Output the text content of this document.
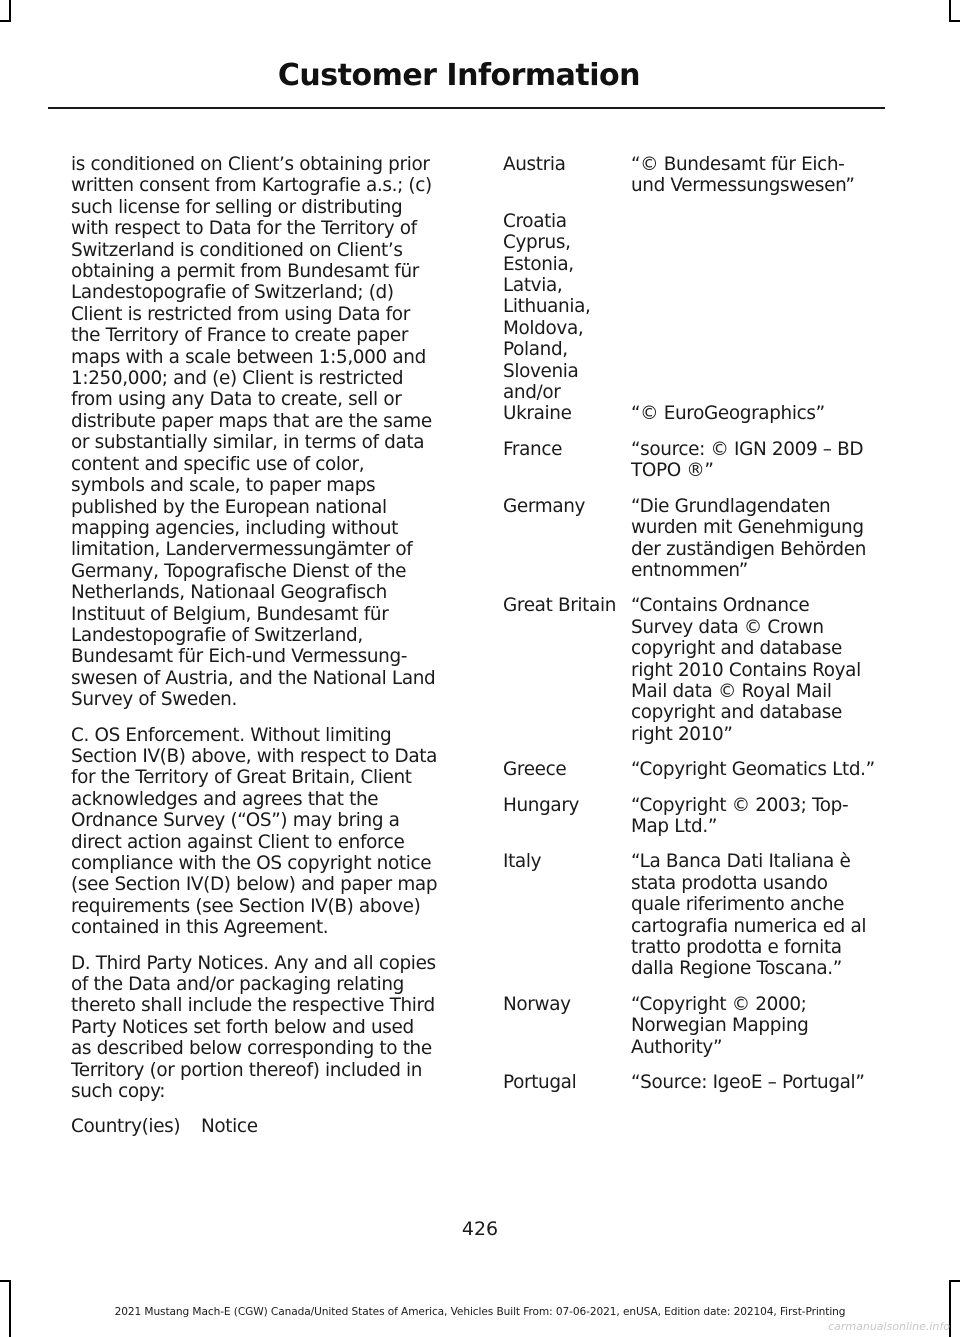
Customer Information

is conditioned on Client’s obtaining prior written consent from Kartografie a.s.; (c) such license for selling or distributing with respect to Data for the Territory of Switzerland is conditioned on Client’s obtaining a permit from Bundesamt für Landestopografie of Switzerland; (d) Client is restricted from using Data for the Territory of France to create paper maps with a scale between 1:5,000 and 1:250,000; and (e) Client is restricted from using any Data to create, sell or distribute paper maps that are the same or substantially similar, in terms of data content and specific use of color, symbols and scale, to paper maps published by the European national mapping agencies, including without limitation, Landervermessungämter of Germany, Topografische Dienst of the Netherlands, Nationaal Geografisch Instituut of Belgium, Bundesamt für Landestopografie of Switzerland, Bundesamt für Eich-und Vermessung-swesen of Austria, and the National Land Survey of Sweden.

C. OS Enforcement. Without limiting Section IV(B) above, with respect to Data for the Territory of Great Britain, Client acknowledges and agrees that the Ordnance Survey (“OS”) may bring a direct action against Client to enforce compliance with the OS copyright notice (see Section IV(D) below) and paper map requirements (see Section IV(B) above) contained in this Agreement.

D. Third Party Notices. Any and all copies of the Data and/or packaging relating thereto shall include the respective Third Party Notices set forth below and used as described below corresponding to the Territory (or portion thereof) included in such copy:

Country(ies)	Notice
Austria	“© Bundesamt für Eich- und Vermessungswesen”
Croatia
Cyprus,
Estonia,
Latvia,
Lithuania,
Moldova,
Poland,
Slovenia
and/or
Ukraine	“© EuroGeographics”
France	“source: © IGN 2009 – BD TOPO ®”
Germany	“Die Grundlagendaten wurden mit Genehmigung der zuständigen Behörden entnommen”
Great Britain “Contains Ordnance Survey data © Crown copyright and database right 2010 Contains Royal Mail data © Royal Mail copyright and database right 2010”
Greece	“Copyright Geomatics Ltd.”
Hungary	“Copyright © 2003; Top-Map Ltd.”
Italy	“La Banca Dati Italiana è stata prodotta usando quale riferimento anche cartografia numerica ed al tratto prodotta e fornita dalla Regione Toscana.”
Norway	“Copyright © 2000; Norwegian Mapping Authority”
Portugal	“Source: IgeoE – Portugal”
426
2021 Mustang Mach-E (CGW) Canada/United States of America, Vehicles Built From: 07-06-2021, enUSA, Edition date: 202104, First-Printing
carmanualsonline.info
